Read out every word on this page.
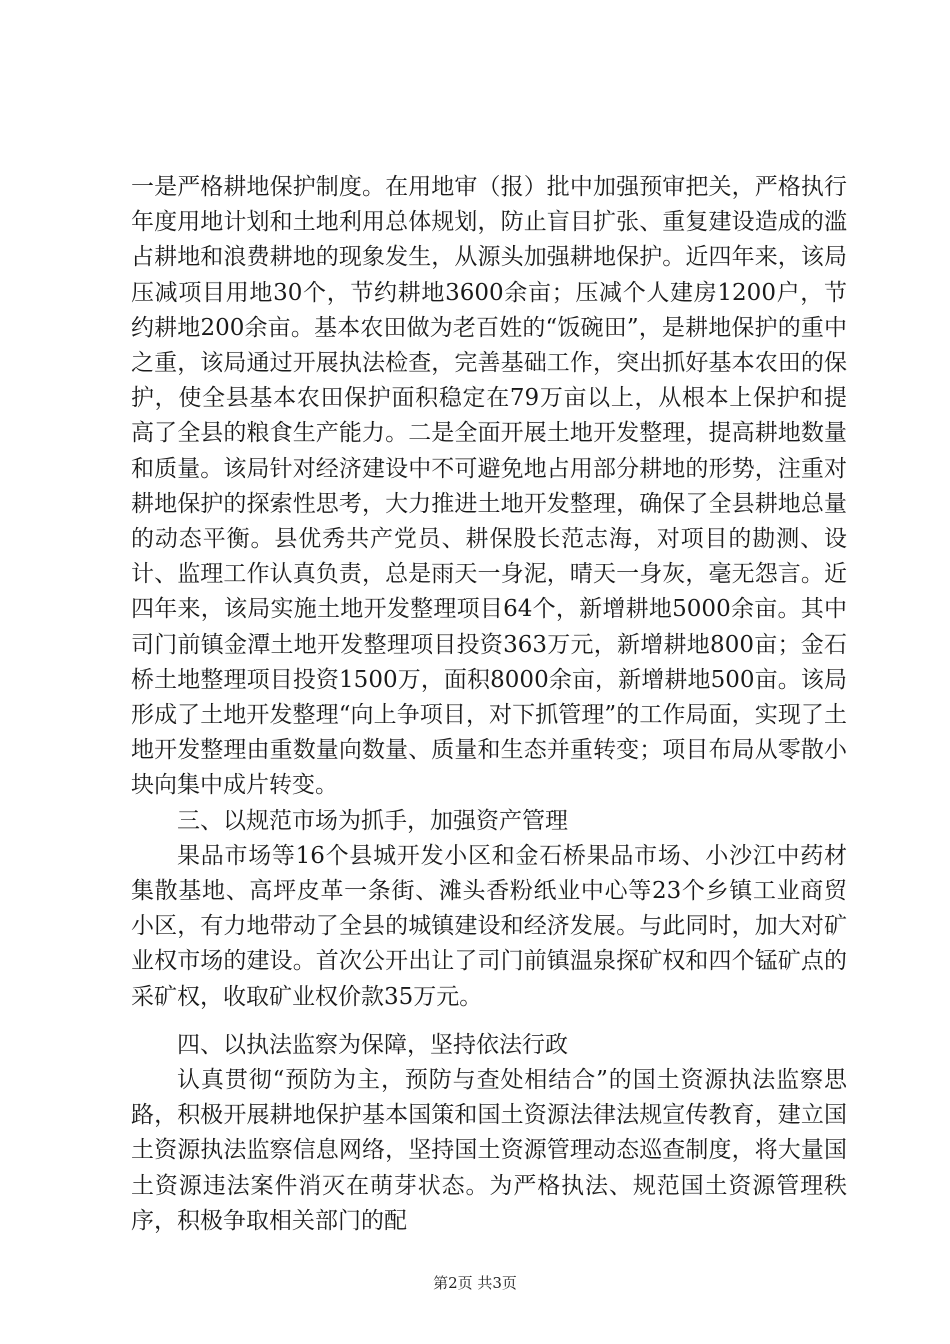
一是严格耕地保护制度。在用地审（报）批中加强预审把关，严格执行年度用地计划和土地利用总体规划，防止盲目扩张、重复建设造成的滥占耕地和浪费耕地的现象发生，从源头加强耕地保护。近四年来，该局压减项目用地30个，节约耕地3600余亩；压减个人建房1200户，节约耕地200余亩。基本农田做为老百姓的“饭碗田”，是耕地保护的重中之重，该局通过开展执法检查，完善基础工作，突出抓好基本农田的保护，使全县基本农田保护面积稳定在79万亩以上，从根本上保护和提高了全县的粮食生产能力。二是全面开展土地开发整理，提高耕地数量和质量。该局针对经济建设中不可避免地占用部分耕地的形势，注重对耕地保护的探索性思考，大力推进土地开发整理，确保了全县耕地总量的动态平衡。县优秀共产党员、耕保股长范志海，对项目的勘测、设计、监理工作认真负责，总是雨天一身泥，晴天一身灰，毫无怨言。近四年来，该局实施土地开发整理项目64个，新增耕地5000余亩。其中司门前镇金潭土地开发整理项目投资363万元，新增耕地800亩；金石桥土地整理项目投资1500万，面积8000余亩，新增耕地500亩。该局形成了土地开发整理“向上争项目，对下抓管理”的工作局面，实现了土地开发整理由重数量向数量、质量和生态并重转变；项目布局从零散小块向集中成片转变。

三、以规范市场为抓手，加强资产管理

果品市场等16个县城开发小区和金石桥果品市场、小沙江中药材集散基地、高坪皮革一条街、滩头香粉纸业中心等23个乡镇工业商贸小区，有力地带动了全县的城镇建设和经济发展。与此同时，加大对矿业权市场的建设。首次公开出让了司门前镇温泉探矿权和四个锰矿点的采矿权，收取矿业权价款35万元。

四、以执法监察为保障，坚持依法行政

认真贯彻“预防为主，预防与查处相结合”的国土资源执法监察思路，积极开展耕地保护基本国策和国土资源法律法规宣传教育，建立国土资源执法监察信息网络，坚持国土资源管理动态巡查制度，将大量国土资源违法案件消灭在萌芽状态。为严格执法、规范国土资源管理秩序，积极争取相关部门的配

第2页 共3页
